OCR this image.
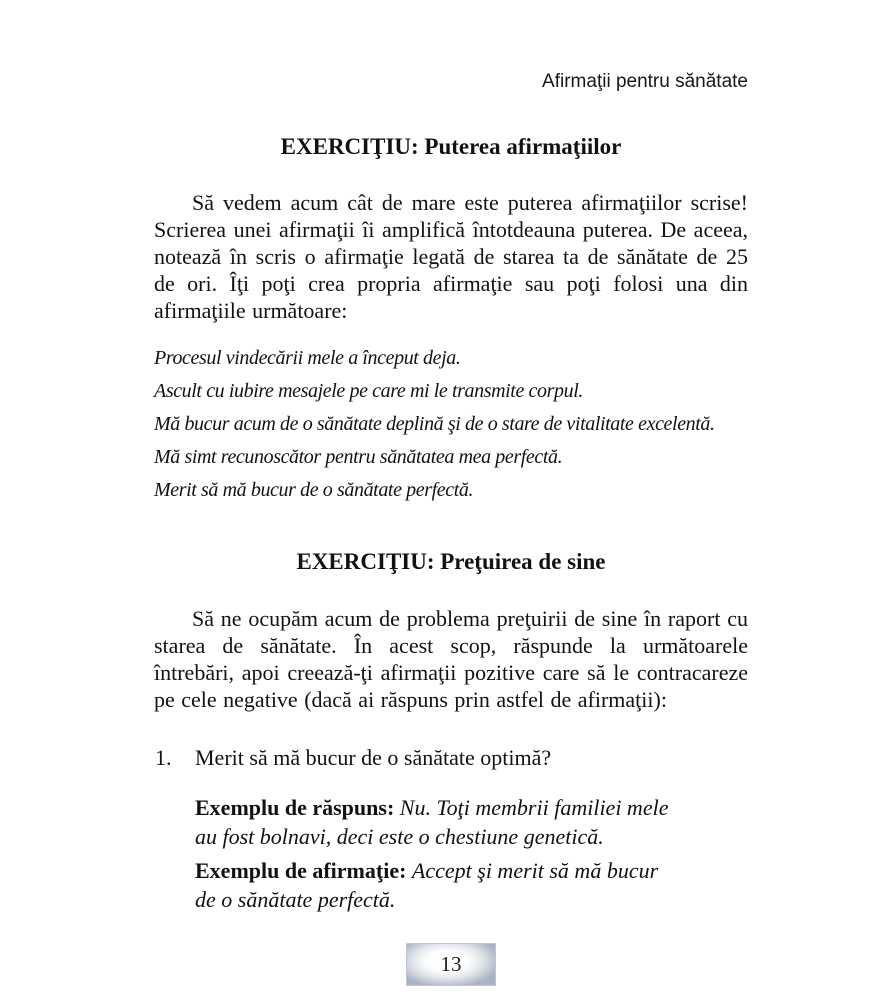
Afirmaţii pentru sănătate
EXERCIŢIU: Puterea afirmaţiilor

Să vedem acum cât de mare este puterea afirmaţiilor scrise! Scrierea unei afirmaţii îi amplifică întotdeauna puterea. De aceea, notează în scris o afirmaţie legată de starea ta de sănătate de 25 de ori. Îţi poţi crea propria afirmaţie sau poţi folosi una din afirmaţiile următoare:

Procesul vindecării mele a început deja.

Ascult cu iubire mesajele pe care mi le transmite corpul.

Mă bucur acum de o sănătate deplină şi de o stare de vitalitate excelentă.

Mă simt recunoscător pentru sănătatea mea perfectă.

Merit să mă bucur de o sănătate perfectă.

EXERCIŢIU: Preţuirea de sine

Să ne ocupăm acum de problema preţuirii de sine în raport cu starea de sănătate. În acest scop, răspunde la următoarele întrebări, apoi creează-ţi afirmaţii pozitive care să le contracareze pe cele negative (dacă ai răspuns prin astfel de afirmaţii):

1. Merit să mă bucur de o sănătate optimă?

Exemplu de răspuns: Nu. Toţi membrii familiei mele au fost bolnavi, deci este o chestiune genetică.

Exemplu de afirmaţie: Accept şi merit să mă bucur de o sănătate perfectă.

13
